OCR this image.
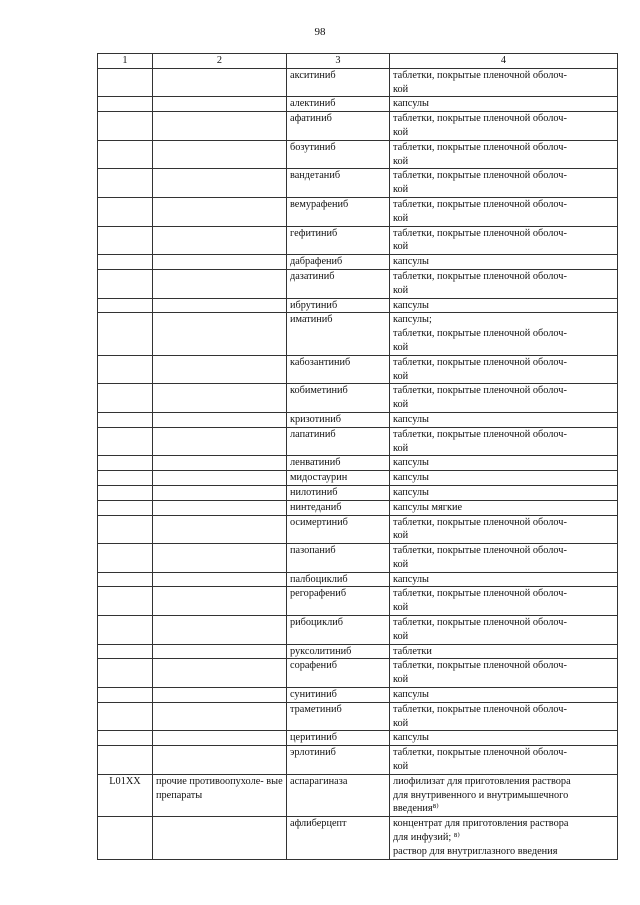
98
1	2	3	4
		акситиниб	таблетки, покрытые пленочной оболоч-
кой
		алектиниб	капсулы
		афатиниб	таблетки, покрытые пленочной оболоч-
кой
		бозутиниб	таблетки, покрытые пленочной оболоч-
кой
		вандетаниб	таблетки, покрытые пленочной оболоч-
кой
		вемурафениб	таблетки, покрытые пленочной оболоч-
кой
		гефитиниб	таблетки, покрытые пленочной оболоч-
кой
		дабрафениб	капсулы
		дазатиниб	таблетки, покрытые пленочной оболоч-
кой
		ибрутиниб	капсулы
		иматиниб	капсулы;
таблетки, покрытые пленочной оболоч-
кой
		кабозантиниб	таблетки, покрытые пленочной оболоч-
кой
		кобиметиниб	таблетки, покрытые пленочной оболоч-
кой
		кризотиниб	капсулы
		лапатиниб	таблетки, покрытые пленочной оболоч-
кой
		ленватиниб	капсулы
		мидостаурин	капсулы
		нилотиниб	капсулы
		нинтеданиб	капсулы мягкие
		осимертиниб	таблетки, покрытые пленочной оболоч-
кой
		пазопаниб	таблетки, покрытые пленочной оболоч-
кой
		палбоциклиб	капсулы
		регорафениб	таблетки, покрытые пленочной оболоч-
кой
		рибоциклиб	таблетки, покрытые пленочной оболоч-
кой
		руксолитиниб	таблетки
		сорафениб	таблетки, покрытые пленочной оболоч-
кой
		сунитиниб	капсулы
		траметиниб	таблетки, покрытые пленочной оболоч-
кой
		церитиниб	капсулы
		эрлотиниб	таблетки, покрытые пленочной оболоч-
кой
L01XX	прочие противоопухоле- вые препараты	аспарагиназа	лиофилизат для приготовления раствора
для внутривенного и внутримышечного
введения⁸⁾
		афлиберцепт	концентрат для приготовления раствора
для инфузий; ⁸⁾
раствор для внутриглазного введения
